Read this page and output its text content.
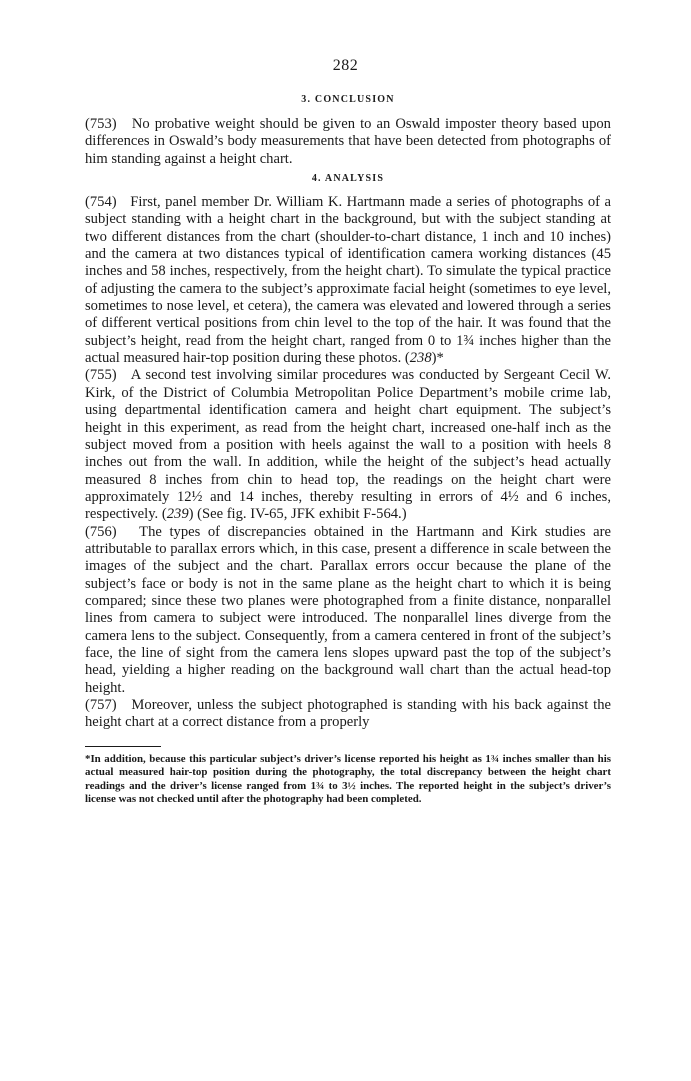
282
3. CONCLUSION

(753) No probative weight should be given to an Oswald imposter theory based upon differences in Oswald’s body measurements that have been detected from photographs of him standing against a height chart.

4. ANALYSIS

(754) First, panel member Dr. William K. Hartmann made a series of photographs of a subject standing with a height chart in the background, but with the subject standing at two different distances from the chart (shoulder-to-chart distance, 1 inch and 10 inches) and the camera at two distances typical of identification camera working distances (45 inches and 58 inches, respectively, from the height chart). To simulate the typical practice of adjusting the camera to the subject’s approximate facial height (sometimes to eye level, sometimes to nose level, et cetera), the camera was elevated and lowered through a series of different vertical positions from chin level to the top of the hair. It was found that the subject’s height, read from the height chart, ranged from 0 to 1¾ inches higher than the actual measured hair-top position during these photos. (238)*

(755) A second test involving similar procedures was conducted by Sergeant Cecil W. Kirk, of the District of Columbia Metropolitan Police Department’s mobile crime lab, using departmental identification camera and height chart equipment. The subject’s height in this experiment, as read from the height chart, increased one-half inch as the subject moved from a position with heels against the wall to a position with heels 8 inches out from the wall. In addition, while the height of the subject’s head actually measured 8 inches from chin to head top, the readings on the height chart were approximately 12½ and 14 inches, thereby resulting in errors of 4½ and 6 inches, respectively. (239) (See fig. IV-65, JFK exhibit F-564.)

(756) The types of discrepancies obtained in the Hartmann and Kirk studies are attributable to parallax errors which, in this case, present a difference in scale between the images of the subject and the chart. Parallax errors occur because the plane of the subject’s face or body is not in the same plane as the height chart to which it is being compared; since these two planes were photographed from a finite distance, nonparallel lines from camera to subject were introduced. The nonparallel lines diverge from the camera lens to the subject. Consequently, from a camera centered in front of the subject’s face, the line of sight from the camera lens slopes upward past the top of the subject’s head, yielding a higher reading on the background wall chart than the actual head-top height.

(757) Moreover, unless the subject photographed is standing with his back against the height chart at a correct distance from a properly

*In addition, because this particular subject’s driver’s license reported his height as 1¾ inches smaller than his actual measured hair-top position during the photography, the total discrepancy between the height chart readings and the driver’s license ranged from 1¾ to 3½ inches. The reported height in the subject’s driver’s license was not checked until after the photography had been completed.
